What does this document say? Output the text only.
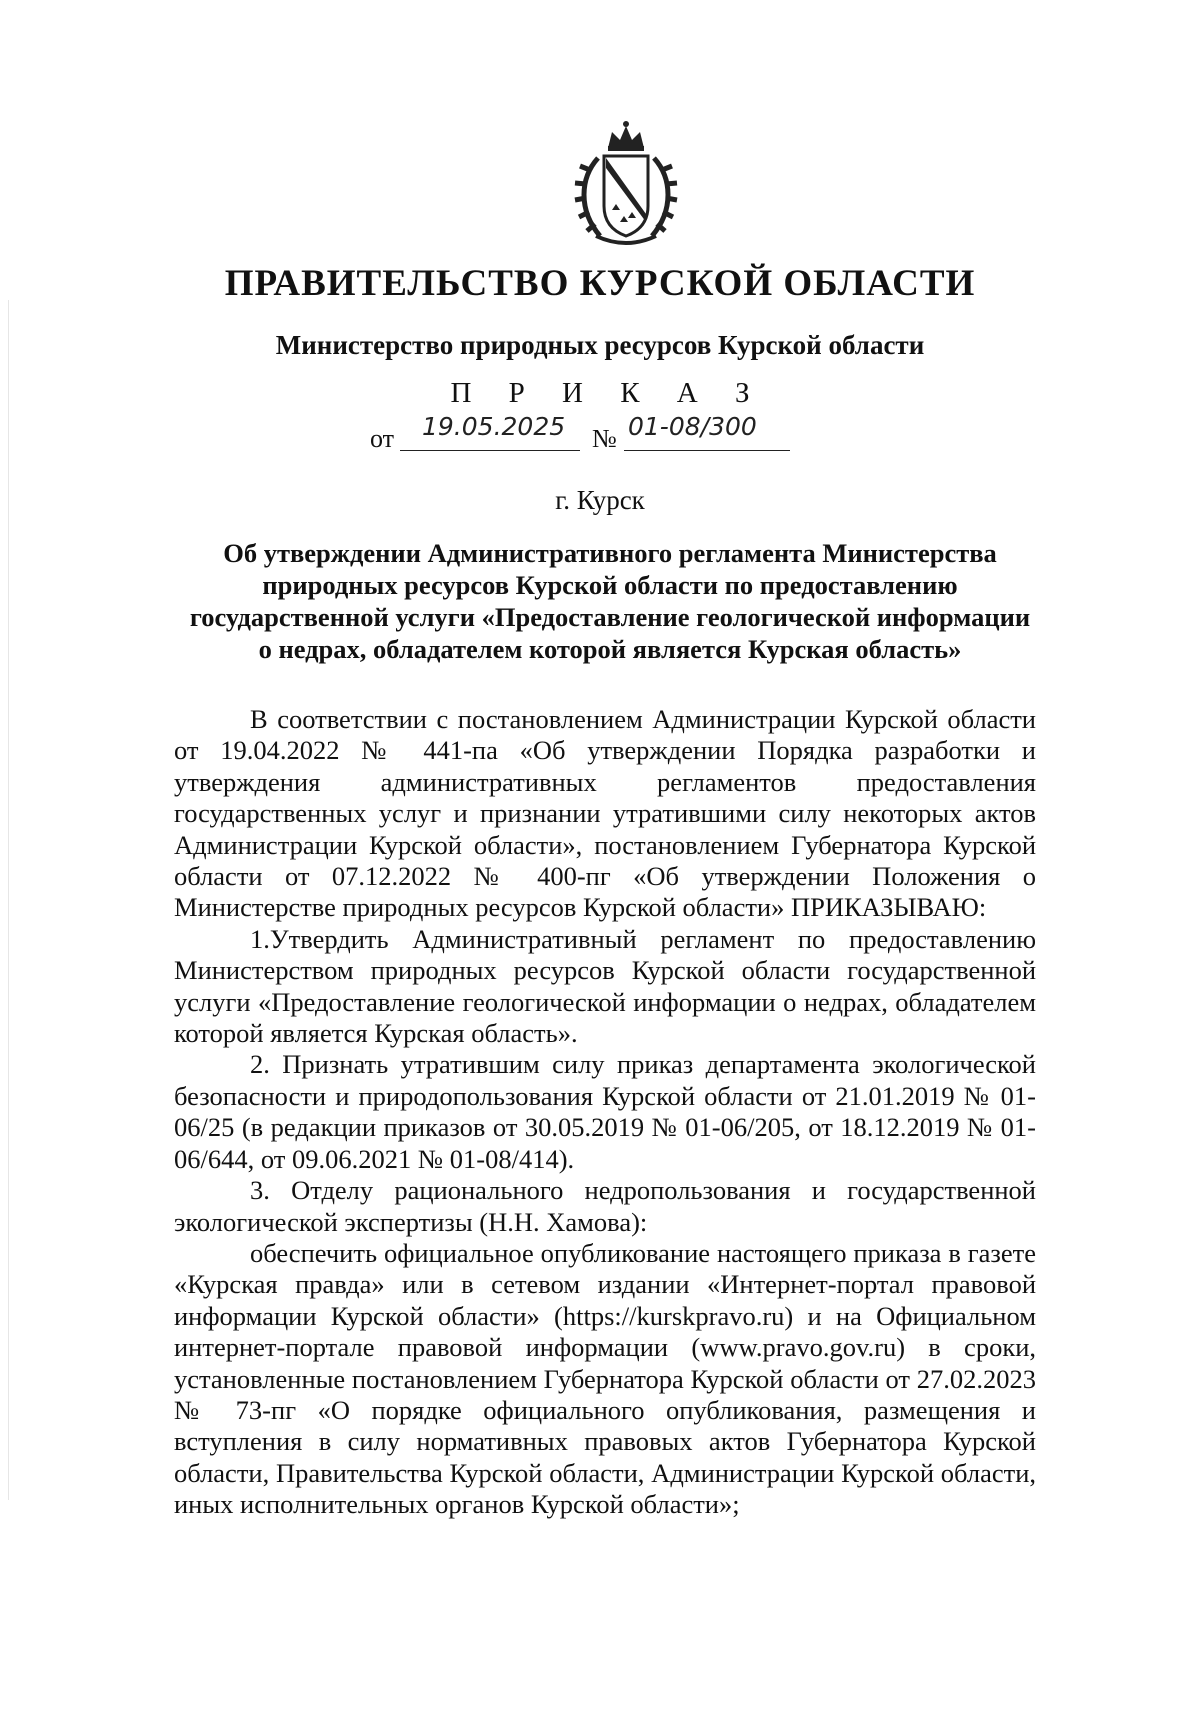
ПРАВИТЕЛЬСТВО КУРСКОЙ ОБЛАСТИ
Министерство природных ресурсов Курской области
П Р И К А З
от 19.05.2025 № 01-08/300
г. Курск
Об утверждении Административного регламента Министерства природных ресурсов Курской области по предоставлению государственной услуги «Предоставление геологической информации о недрах, обладателем которой является Курская область»

В соответствии с постановлением Администрации Курской области от 19.04.2022 № 441-па «Об утверждении Порядка разработки и утверждения административных регламентов предоставления государственных услуг и признании утратившими силу некоторых актов Администрации Курской области», постановлением Губернатора Курской области от 07.12.2022 № 400-пг «Об утверждении Положения о Министерстве природных ресурсов Курской области» ПРИКАЗЫВАЮ:

1.Утвердить Административный регламент по предоставлению Министерством природных ресурсов Курской области государственной услуги «Предоставление геологической информации о недрах, обладателем которой является Курская область».

2. Признать утратившим силу приказ департамента экологической безопасности и природопользования Курской области от 21.01.2019 № 01-06/25 (в редакции приказов от 30.05.2019 № 01-06/205, от 18.12.2019 № 01-06/644, от 09.06.2021 № 01-08/414).

3. Отделу рационального недропользования и государственной экологической экспертизы (Н.Н. Хамова):

обеспечить официальное опубликование настоящего приказа в газете «Курская правда» или в сетевом издании «Интернет-портал правовой информации Курской области» (https://kurskpravo.ru) и на Официальном интернет-портале правовой информации (www.pravo.gov.ru) в сроки, установленные постановлением Губернатора Курской области от 27.02.2023 № 73-пг «О порядке официального опубликования, размещения и вступления в силу нормативных правовых актов Губернатора Курской области, Правительства Курской области, Администрации Курской области, иных исполнительных органов Курской области»;
